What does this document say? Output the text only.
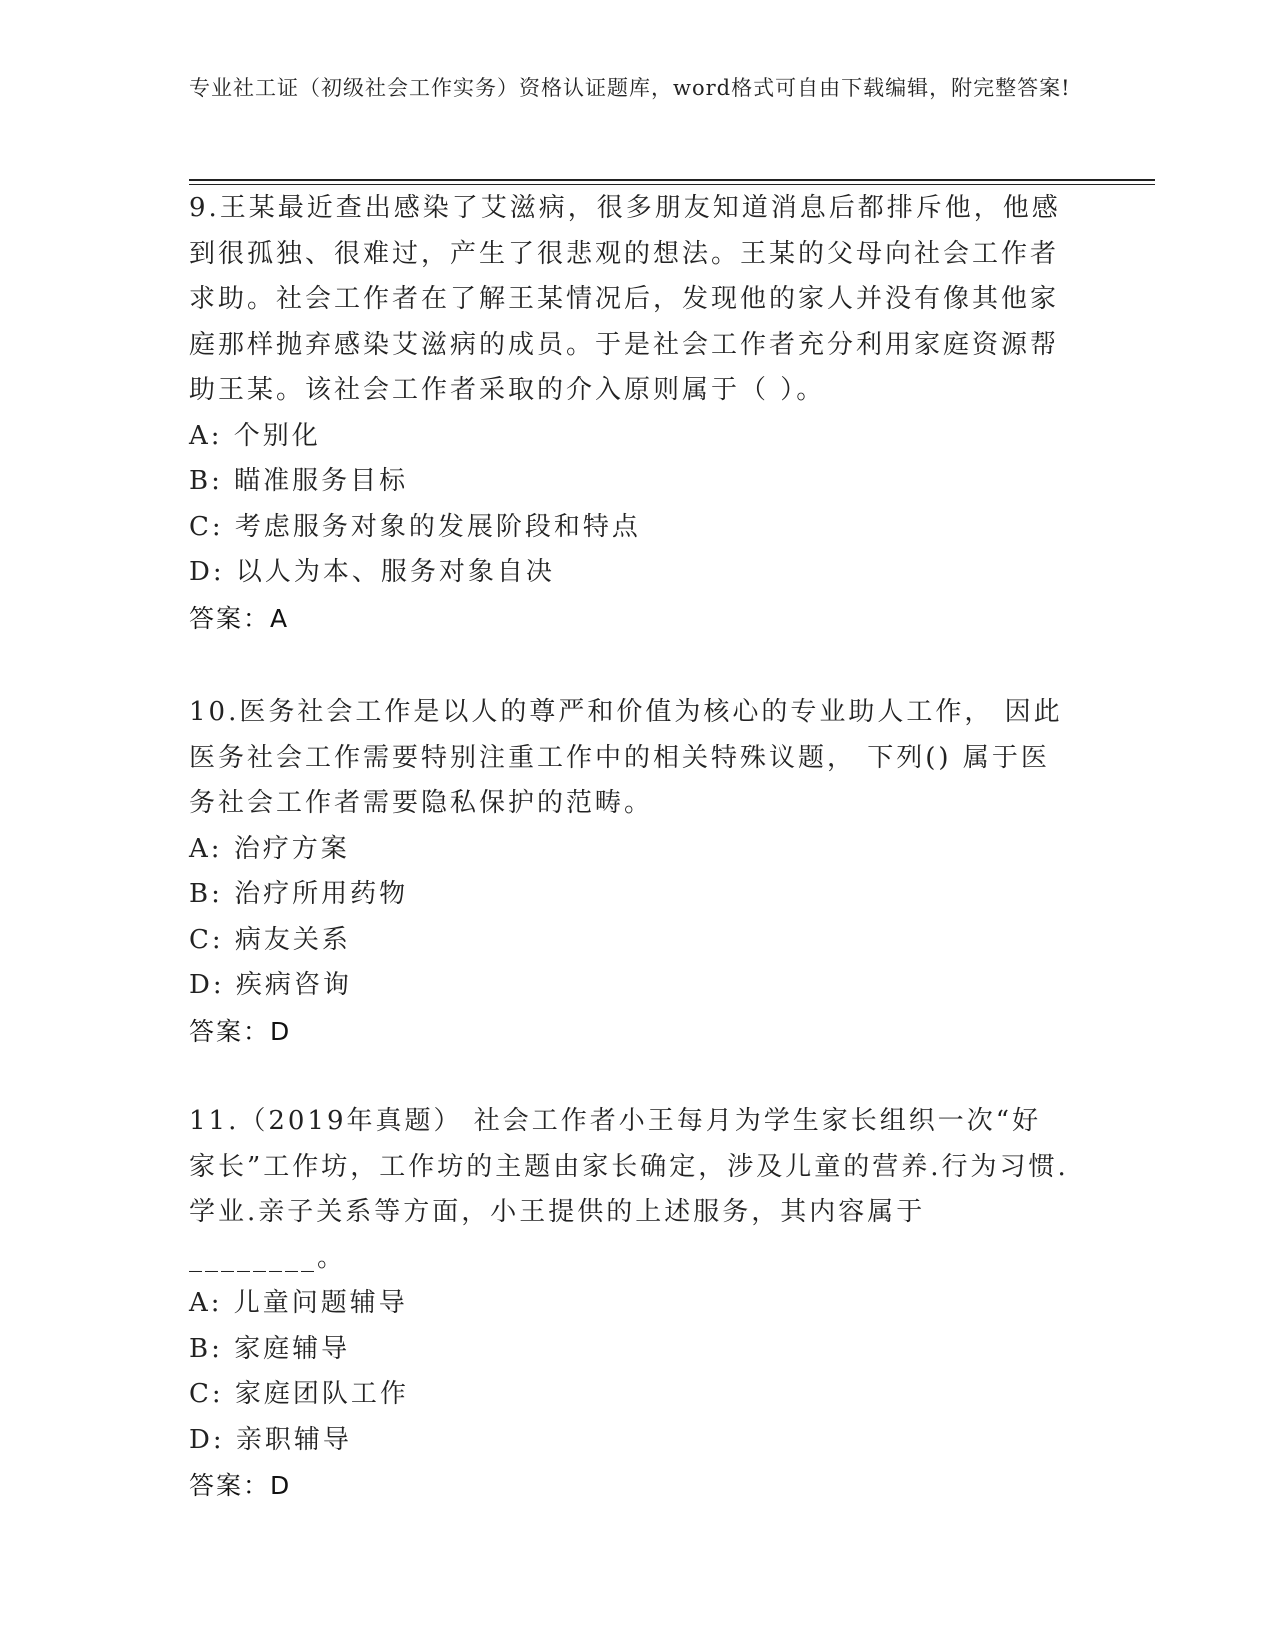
专业社工证（初级社会工作实务）资格认证题库，word格式可自由下载编辑，附完整答案!

9.王某最近查出感染了艾滋病，很多朋友知道消息后都排斥他，他感到很孤独、很难过，产生了很悲观的想法。王某的父母向社会工作者求助。社会工作者在了解王某情况后，发现他的家人并没有像其他家庭那样抛弃感染艾滋病的成员。于是社会工作者充分利用家庭资源帮助王某。该社会工作者采取的介入原则属于（ ）。

A: 个别化

B: 瞄准服务目标

C: 考虑服务对象的发展阶段和特点

D: 以人为本、服务对象自决

答案：A

10.医务社会工作是以人的尊严和价值为核心的专业助人工作， 因此医务社会工作需要特别注重工作中的相关特殊议题， 下列() 属于医务社会工作者需要隐私保护的范畴。

A: 治疗方案

B: 治疗所用药物

C: 病友关系

D: 疾病咨询

答案：D

11.（2019年真题） 社会工作者小王每月为学生家长组织一次“好家长”工作坊，工作坊的主题由家长确定，涉及儿童的营养.行为习惯.学业.亲子关系等方面，小王提供的上述服务，其内容属于________。

A: 儿童问题辅导

B: 家庭辅导

C: 家庭团队工作

D: 亲职辅导

答案：D
